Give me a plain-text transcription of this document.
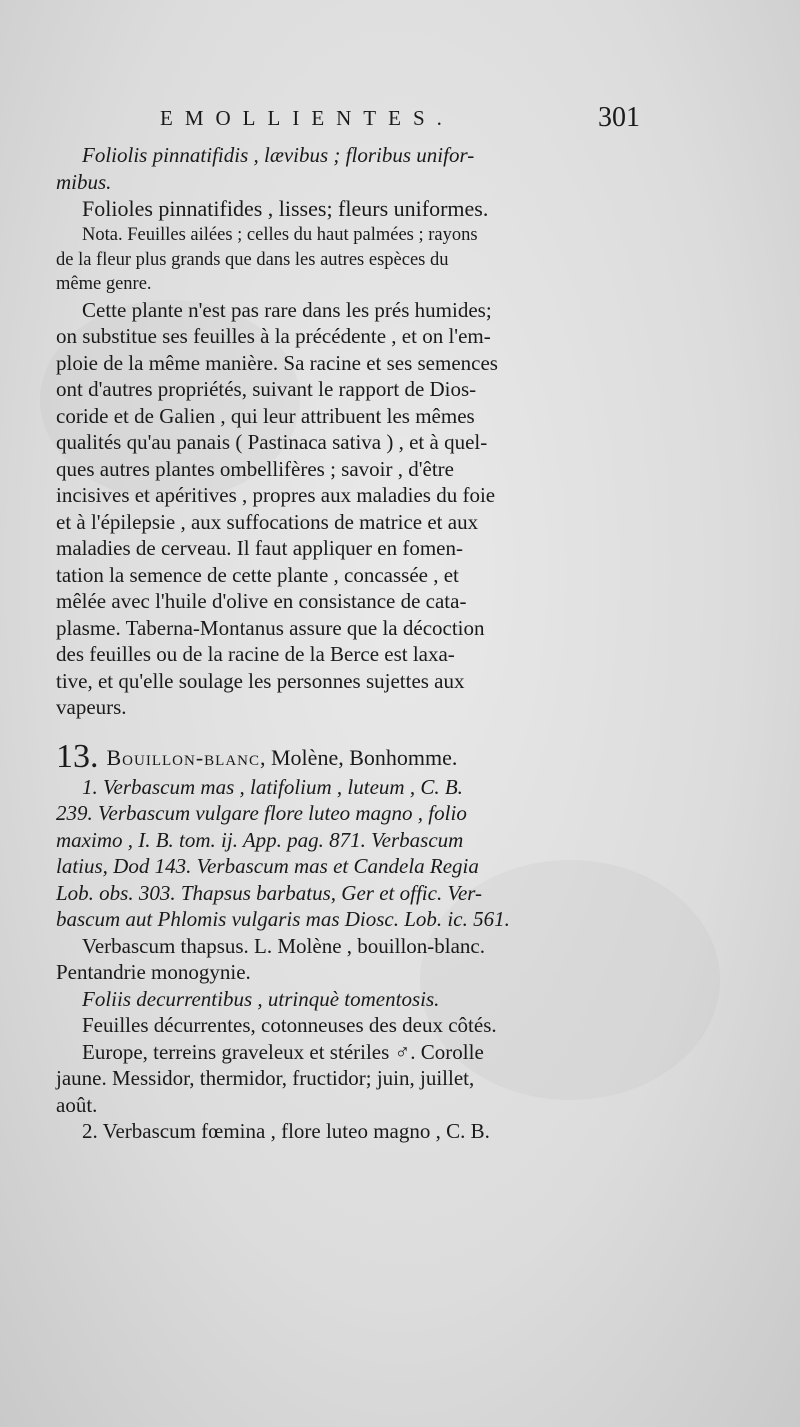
EMOLLIENTES.	301

Foliolis pinnatifidis , lævibus ; floribus unifor-

mibus.

Folioles pinnatifides , lisses; fleurs uniformes.

Nota. Feuilles ailées ; celles du haut palmées ; rayons

de la fleur plus grands que dans les autres espèces du

même genre.

Cette plante n'est pas rare dans les prés humides;

on substitue ses feuilles à la précédente , et on l'em-

ploie de la même manière. Sa racine et ses semences

ont d'autres propriétés, suivant le rapport de Dios-

coride et de Galien , qui leur attribuent les mêmes

qualités qu'au panais ( Pastinaca sativa ) , et à quel-

ques autres plantes ombellifères ; savoir , d'être

incisives et apéritives , propres aux maladies du foie

et à l'épilepsie , aux suffocations de matrice et aux

maladies de cerveau. Il faut appliquer en fomen-

tation la semence de cette plante , concassée , et

mêlée avec l'huile d'olive en consistance de cata-

plasme. Taberna-Montanus assure que la décoction

des feuilles ou de la racine de la Berce est laxa-

tive, et qu'elle soulage les personnes sujettes aux

vapeurs.

13. Bouillon-blanc, Molène, Bonhomme.

1. Verbascum mas , latifolium , luteum , C. B.

239. Verbascum vulgare flore luteo magno , folio

maximo , I. B. tom. ij. App. pag. 871. Verbascum

latius, Dod 143. Verbascum mas et Candela Regia

Lob. obs. 303. Thapsus barbatus, Ger et offic. Ver-

bascum aut Phlomis vulgaris mas Diosc. Lob. ic. 561.

Verbascum thapsus. L. Molène , bouillon-blanc.

Pentandrie monogynie.

Foliis decurrentibus , utrinquè tomentosis.

Feuilles décurrentes, cotonneuses des deux côtés.

Europe, terreins graveleux et stériles ♂. Corolle

jaune. Messidor, thermidor, fructidor; juin, juillet,

août.

2. Verbascum fœmina , flore luteo magno , C. B.
